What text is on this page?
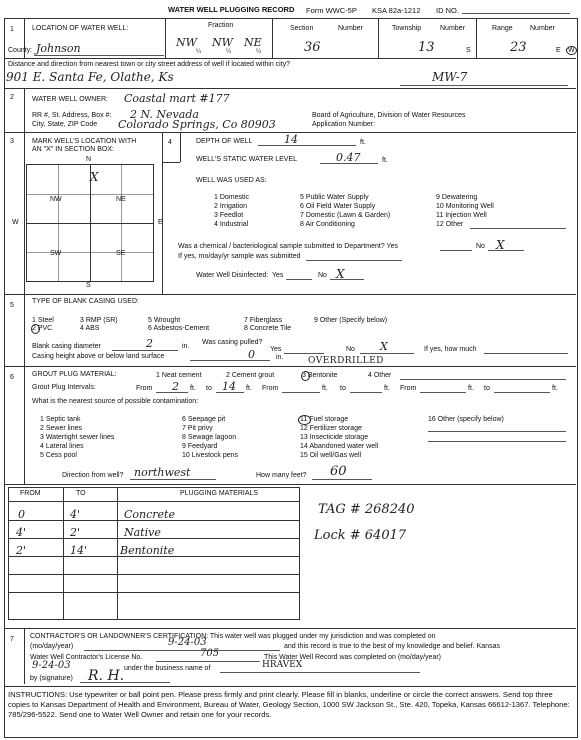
WATER WELL PLUGGING RECORD Form WWC-5P KSA 82a-1212 ID NO.
1	LOCATION OF WATER WELL:
County: Johnson
Fraction
NW NW NE
¼	¼	¼
Section	Number
36
Township	Number
13	S
Range Number
23	E W
Distance and direction from nearest town or city street address of well if located within city?
901 E. Santa Fe, Olathe, Ks	MW-7
2	WATER WELL OWNER: Coastal mart #177
RR #, St. Address, Box #: 2 N. Nevada
City, State, ZIP Code Colorado Springs, Co 80903
Board of Agriculture, Division of Water Resources
Application Number:
3	MARK WELL'S LOCATION WITH
AN "X" IN SECTION BOX:
N
S
W	E
NW	NE
SW	SE
X
4	DEPTH OF WELL	14	ft.
WELL'S STATIC WATER LEVEL	0.47	ft.
WELL WAS USED AS:
1 Domestic
2 Irrigation
3 Feedlot
4 Industrial
5 Public Water Supply
6 Oil Field Water Supply
7 Domestic (Lawn & Garden)
8 Air Conditioning
9 Dewatering
10 Monitoring Well
11 Injection Well
12 Other
Was a chemical / bacteriological sample submitted to Department? Yes	No X
If yes, mo/day/yr sample was submitted
Water Well Disinfected: Yes	No X
5
TYPE OF BLANK CASING USED:
1 Steel
2 PVC
3 RMP (SR)
4 ABS
5 Wrought
6 Asbestos-Cement
7 Fiberglass
8 Concrete Tile
9 Other (Specify below)
Blank casing diameter	2	in.
Was casing pulled?
Yes	No X	If yes, how much
Casing height above or below land surface	0	in.	OVERDRILLED
6	GROUT PLUG MATERIAL:	1 Neat cement	2 Cement grout	3 Bentonite	4 Other
Grout Plug Intervals:	From 2 ft. to 14 ft. From	ft. to	ft. From	ft. to	ft.
What is the nearest source of possible contamination:
1 Septic tank
2 Sewer lines
3 Watertight sewer lines
4 Lateral lines
5 Cess pool
6 Seepage pit
7 Pit privy
8 Sewage lagoon
9 Feedyard
10 Livestock pens
11 Fuel storage
12 Fertilizer storage
13 Insecticide storage
14 Abandoned water well
15 Oil well/Gas well
16 Other (specify below)
Direction from well? northwest	How many feet? 60
FROM	TO	PLUGGING MATERIALS
0	4'	Concrete
4'	2'	Native
2'	14'	Bentonite
TAG # 268240
Lock # 64017
7 CONTRACTOR'S OR LANDOWNER'S CERTIFICATION: This water well was plugged under my jurisdiction and was completed on
(mo/day/year)	9-24-03	and this record is true to the best of my knowledge and belief. Kansas
Water Well Contractor's License No.	705	This Water Well Record was completed on (mo/day/year)
9-24-03	under the business name of	HRAVEX
by (signature) R. H.
INSTRUCTIONS: Use typewriter or ball point pen. Please press firmly and print clearly. Please fill in blanks, underline or circle the correct answers. Send top three copies to Kansas Department of Health and Environment, Bureau of Water, Geology Section, 1000 SW Jackson St., Ste. 420, Topeka, Kansas 66612-1367. Telephone: 785/296-5522. Send one to Water Well Owner and retain one for your records.
